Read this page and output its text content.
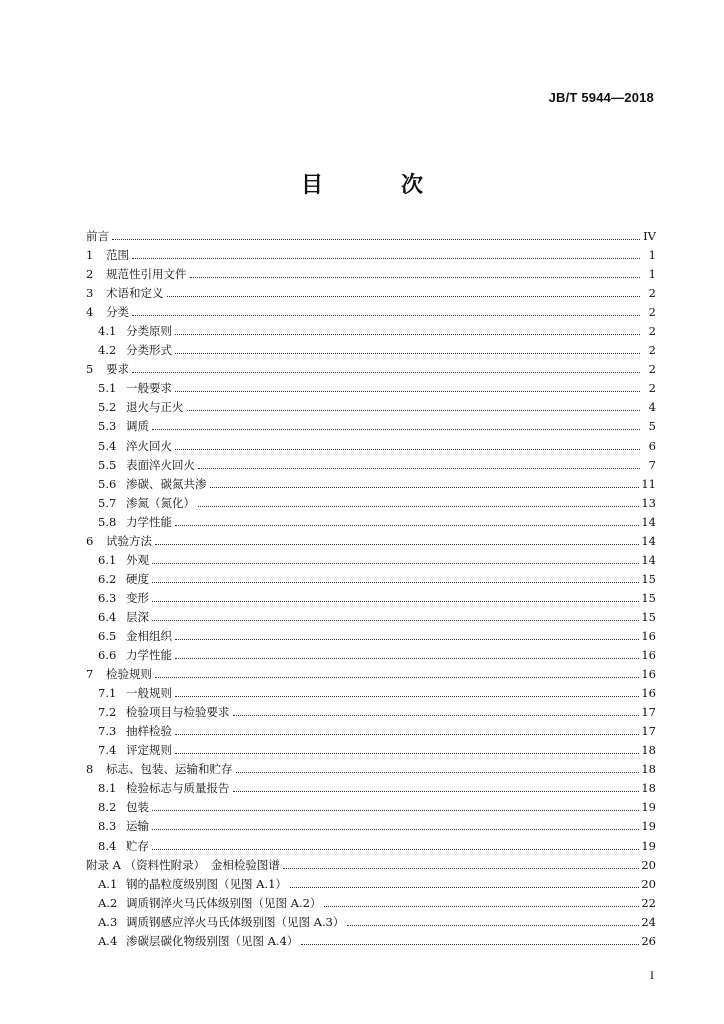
JB/T 5944—2018
目　次
前言	IV
1	范围	1
2	规范性引用文件	1
3	术语和定义	2
4	分类	2
4.1 分类原则	2
4.2 分类形式	2
5	要求	2
5.1 一般要求	2
5.2 退火与正火	4
5.3 调质	5
5.4 淬火回火	6
5.5 表面淬火回火	7
5.6 渗碳、碳氮共渗	11
5.7 渗氮（氮化）	13
5.8 力学性能	14
6	试验方法	14
6.1 外观	14
6.2 硬度	15
6.3 变形	15
6.4 层深	15
6.5 金相组织	16
6.6 力学性能	16
7	检验规则	16
7.1 一般规则	16
7.2 检验项目与检验要求	17
7.3 抽样检验	17
7.4 评定规则	18
8	标志、包装、运输和贮存	18
8.1 检验标志与质量报告	18
8.2 包装	19
8.3 运输	19
8.4 贮存	19
附录 A （资料性附录）　金相检验图谱	20
A.1 钢的晶粒度级别图（见图 A.1）	20
A.2 调质钢淬火马氏体级别图（见图 A.2）	22
A.3 调质钢感应淬火马氏体级别图（见图 A.3）	24
A.4 渗碳层碳化物级别图（见图 A.4）	26
I
